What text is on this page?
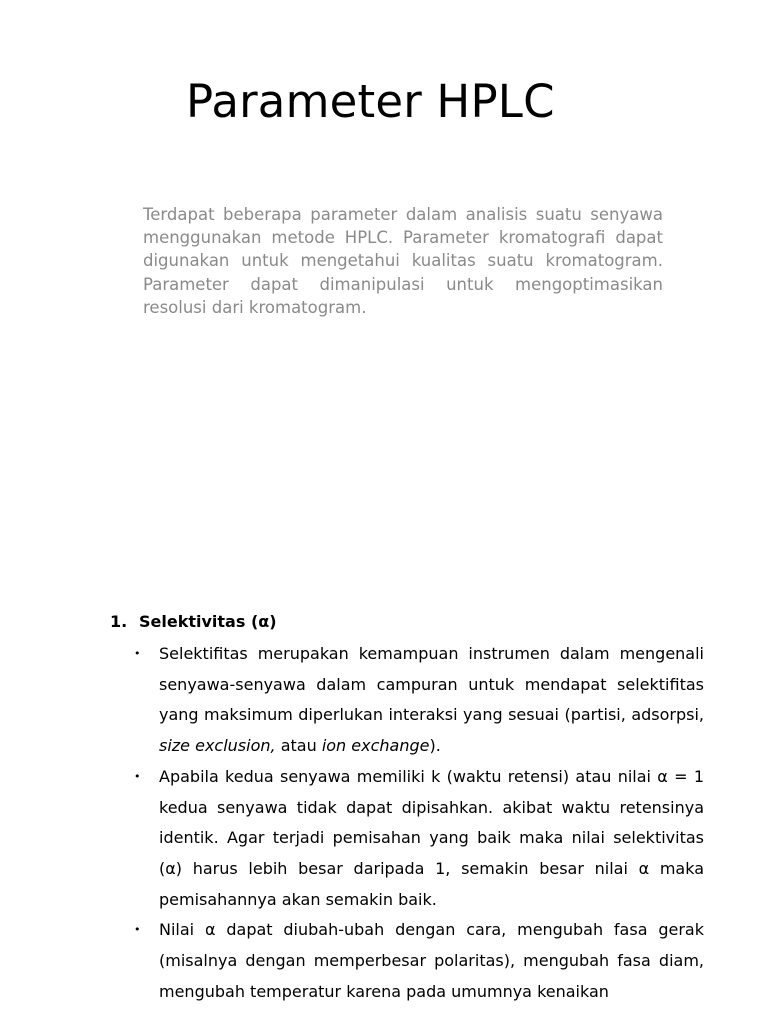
Parameter HPLC

Terdapat beberapa parameter dalam analisis suatu senyawa menggunakan metode HPLC. Parameter kromatografi dapat digunakan untuk mengetahui kualitas suatu kromatogram. Parameter dapat dimanipulasi untuk mengoptimasikan resolusi dari kromatogram.

1. Selektivitas (α)
• Selektifitas merupakan kemampuan instrumen dalam mengenali senyawa-senyawa dalam campuran untuk mendapat selektifitas yang maksimum diperlukan interaksi yang sesuai (partisi, adsorpsi, size exclusion, atau ion exchange).
• Apabila kedua senyawa memiliki k (waktu retensi) atau nilai α = 1 kedua senyawa tidak dapat dipisahkan. akibat waktu retensinya identik. Agar terjadi pemisahan yang baik maka nilai selektivitas (α) harus lebih besar daripada 1, semakin besar nilai α maka pemisahannya akan semakin baik.
• Nilai α dapat diubah-ubah dengan cara, mengubah fasa gerak (misalnya dengan memperbesar polaritas), mengubah fasa diam, mengubah temperatur karena pada umumnya kenaikan
